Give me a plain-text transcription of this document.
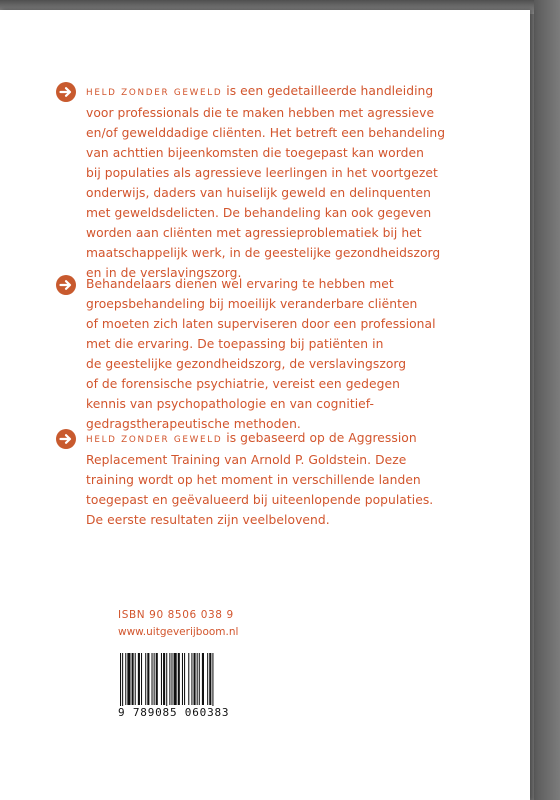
HELD ZONDER GEWELD is een gedetailleerde handleiding
voor professionals die te maken hebben met agressieve
en/of gewelddadige cliënten. Het betreft een behandeling
van achttien bijeenkomsten die toegepast kan worden
bij populaties als agressieve leerlingen in het voortgezet
onderwijs, daders van huiselijk geweld en delinquenten
met geweldsdelicten. De behandeling kan ook gegeven
worden aan cliënten met agressieproblematiek bij het
maatschappelijk werk, in de geestelijke gezondheidszorg
en in de verslavingszorg.

Behandelaars dienen wel ervaring te hebben met
groepsbehandeling bij moeilijk veranderbare cliënten
of moeten zich laten superviseren door een professional
met die ervaring. De toepassing bij patiënten in
de geestelijke gezondheidszorg, de verslavingszorg
of de forensische psychiatrie, vereist een gedegen
kennis van psychopathologie en van cognitief-
gedragstherapeutische methoden.

HELD ZONDER GEWELD is gebaseerd op de Aggression
Replacement Training van Arnold P. Goldstein. Deze
training wordt op het moment in verschillende landen
toegepast en geëvalueerd bij uiteenlopende populaties.
De eerste resultaten zijn veelbelovend.

ISBN 90 8506 038 9
www.uitgeverijboom.nl
9 789085 060383
